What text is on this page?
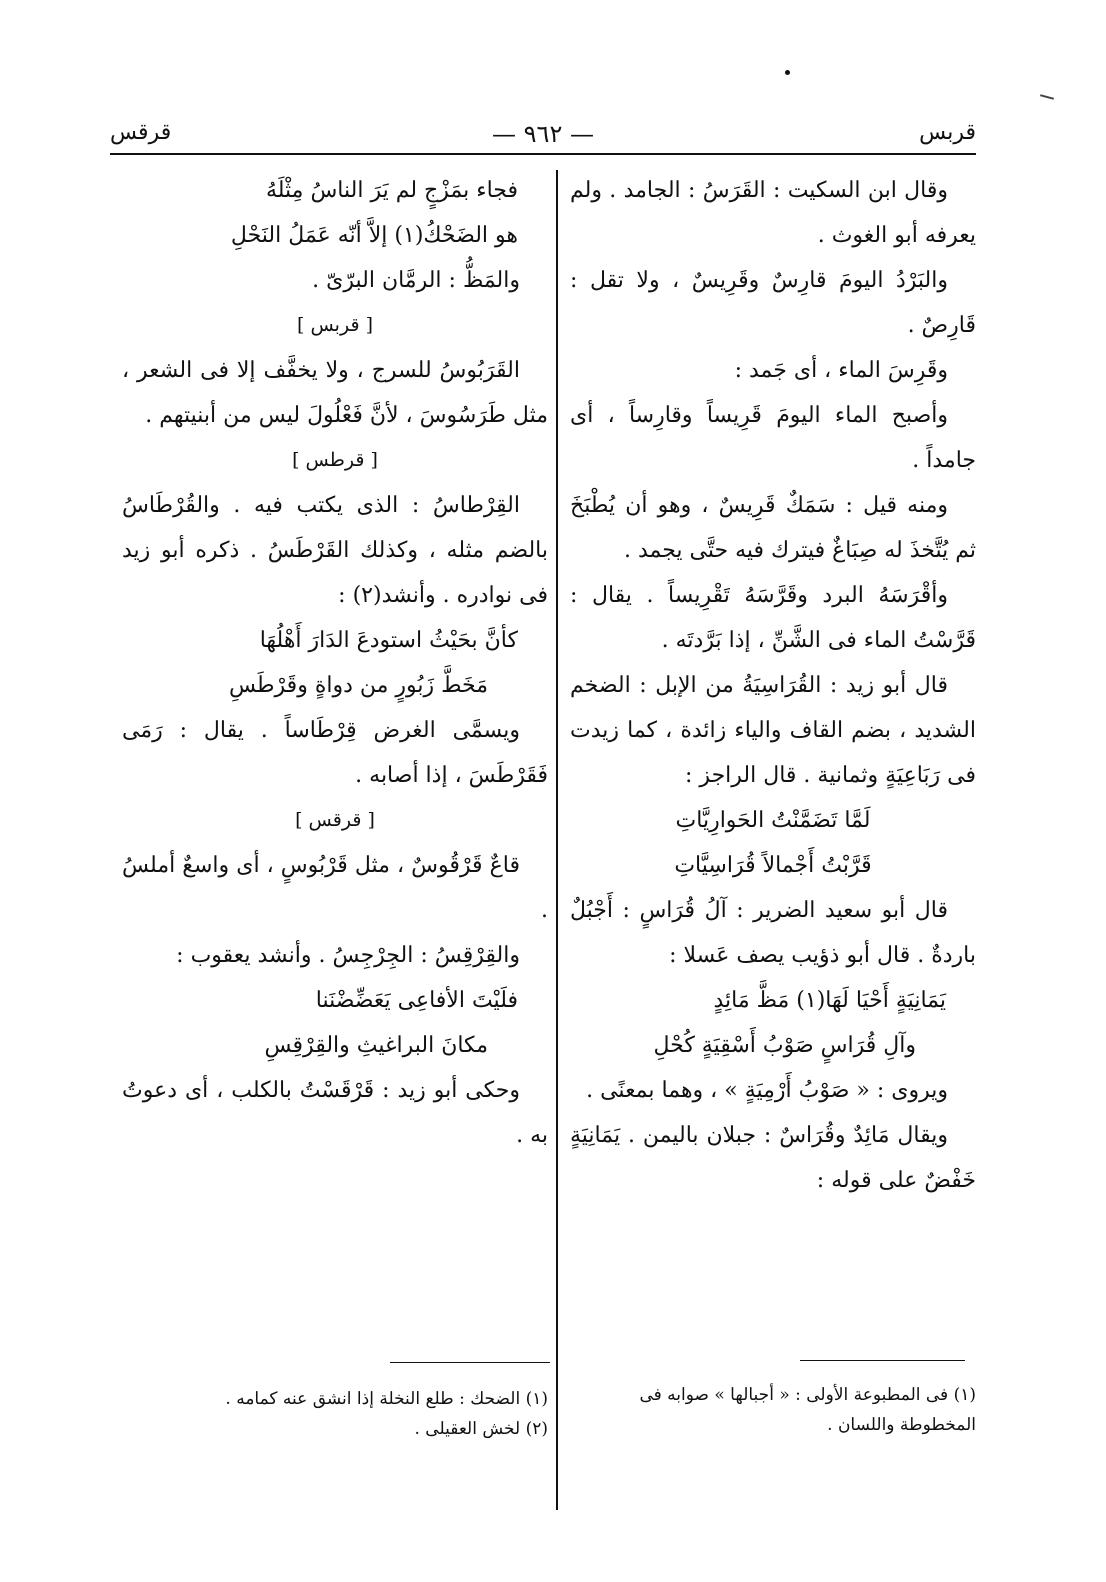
قربس
— ٩٦٢ —
قرقس

وقال ابن السكيت : القَرَسُ : الجامد . ولم يعرفه أبو الغوث .

والبَرْدُ اليومَ قارِسٌ وقَرِيسٌ ، ولا تقل : قَارِصٌ .

وقَرِسَ الماء ، أى جَمد :

وأصبح الماء اليومَ قَرِيساً وقارِساً ، أى جامداً .

ومنه قيل : سَمَكٌ قَرِيسٌ ، وهو أن يُطْبَخَ ثم يُتَّخذَ له صِبَاغٌ فيترك فيه حتَّى يجمد .

وأقْرَسَهُ البرد وقَرَّسَهُ تَقْرِيساً . يقال : قَرَّسْتُ الماء فى الشَّنِّ ، إذا بَرَّدتَه .

قال أبو زيد : القُرَاسِيَةُ من الإبل : الضخم الشديد ، بضم القاف والياء زائدة ، كما زيدت فى رَبَاعِيَةٍ وثمانية . قال الراجز :

لَمَّا تَضَمَّنْتُ الحَوارِيَّاتِ

قَرَّبْتُ أَجْمالاً قُرَاسِيَّاتِ

قال أبو سعيد الضرير : آلُ قُرَاسٍ : أَجْبُلٌ باردةٌ . قال أبو ذؤيب يصف عَسلا :

يَمَانِيَةٍ أَحْيَا لَهَا(١) مَظَّ مَائِدٍ

وآلِ قُرَاسٍ صَوْبُ أَسْقِيَةٍ كُحْلِ

ويروى : « صَوْبُ أَرْمِيَةٍ » ، وهما بمعنًى .

ويقال مَائِدٌ وقُرَاسٌ : جبلان باليمن . يَمَانِيَةٍ خَفْضٌ على قوله :

فجاء بمَزْجٍ لم يَرَ الناسُ مِثْلَهُ

هو الضَحْكُ(١) إلاَّ أنّه عَمَلُ النَحْلِ

والمَظُّ : الرمَّان البرّىّ .

[ قربس ]

القَرَبُوسُ للسرج ، ولا يخفَّف إلا فى الشعر ، مثل طَرَسُوسَ ، لأنَّ فَعْلُولَ ليس من أبنيتهم .

[ قرطس ]

القِرْطاسُ : الذى يكتب فيه . والقُرْطَاسُ بالضم مثله ، وكذلك القَرْطَسُ . ذكره أبو زيد فى نوادره . وأنشد(٢) :

كأنَّ بحَيْثُ استودعَ الدَارَ أَهْلُهَا

مَخَطَّ زَبُورٍ من دواةٍ وقَرْطَسِ

ويسمَّى الغرض قِرْطَاساً . يقال : رَمَى فَقَرْطَسَ ، إذا أصابه .

[ قرقس ]

قاعٌ قَرْقُوسٌ ، مثل قَرْبُوسٍ ، أى واسعٌ أملسُ .

والقِرْقِسُ : الجِرْجِسُ . وأنشد يعقوب :

فلَيْتَ الأفاعِى يَعَضِّضْنَنا

مكانَ البراغيثِ والقِرْقِسِ

وحكى أبو زيد : قَرْقَسْتُ بالكلب ، أى دعوتُ به .

(١) فى المطبوعة الأولى : « أجبالها » صوابه فى المخطوطة واللسان .

(١) الضحك : طلع النخلة إذا انشق عنه كمامه .

(٢) لخش العقيلى .
